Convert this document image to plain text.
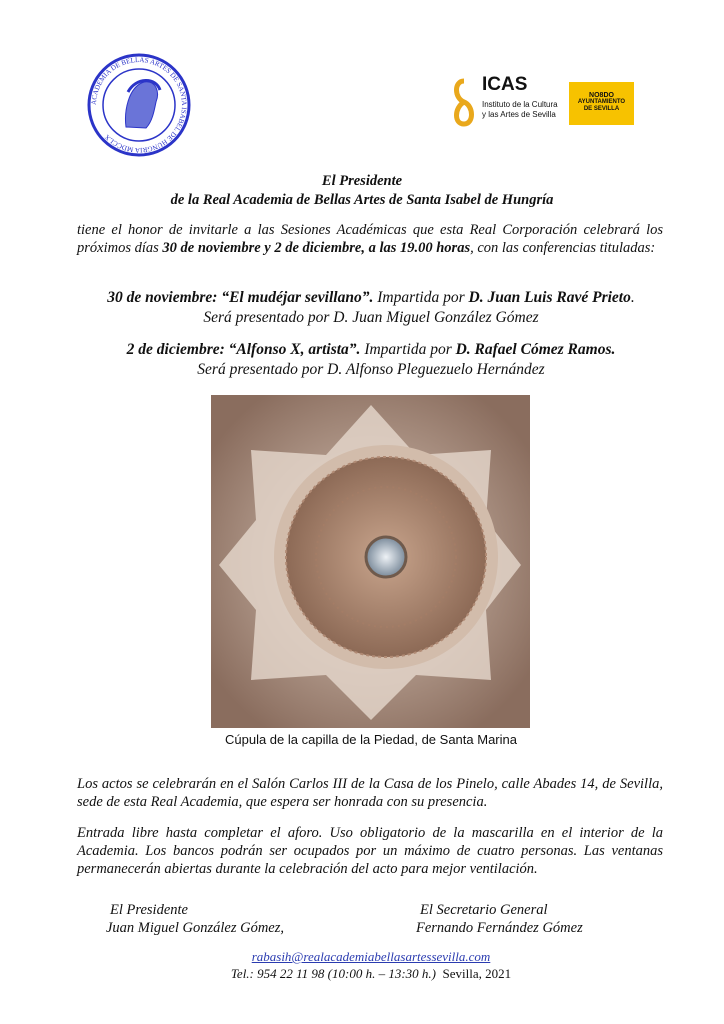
ACADEMIA DE BELLAS ARTES DE SANTA ISABEL DE HUNGRIA MDCCLX
ICAS
Instituto de la Cultura
y las Artes de Sevilla
NO8DO
AYUNTAMIENTO
DE SEVILLA
El Presidente
de la Real Academia de Bellas Artes de Santa Isabel de Hungría
tiene el honor de invitarle a las Sesiones Académicas que esta Real Corporación celebrará los próximos días 30 de noviembre y 2 de diciembre, a las 19.00 horas, con las conferencias tituladas:
30 de noviembre: “El mudéjar sevillano”. Impartida por D. Juan Luis Ravé Prieto.
Será presentado por D. Juan Miguel González Gómez
2 de diciembre: “Alfonso X, artista”. Impartida por D. Rafael Cómez Ramos.
Será presentado por D. Alfonso Pleguezuelo Hernández
Cúpula de la capilla de la Piedad, de Santa Marina
Los actos se celebrarán en el Salón Carlos III de la Casa de los Pinelo, calle Abades 14, de Sevilla, sede de esta Real Academia, que espera ser honrada con su presencia.
Entrada libre hasta completar el aforo. Uso obligatorio de la mascarilla en el interior de la Academia. Los bancos podrán ser ocupados por un máximo de cuatro personas. Las ventanas permanecerán abiertas durante la celebración del acto para mejor ventilación.
El Presidente
Juan Miguel González Gómez,
El Secretario General
Fernando Fernández Gómez
rabasih@realacademiabellasartessevilla.com
Tel.: 954 22 11 98 (10:00 h. – 13:30 h.) Sevilla, 2021
